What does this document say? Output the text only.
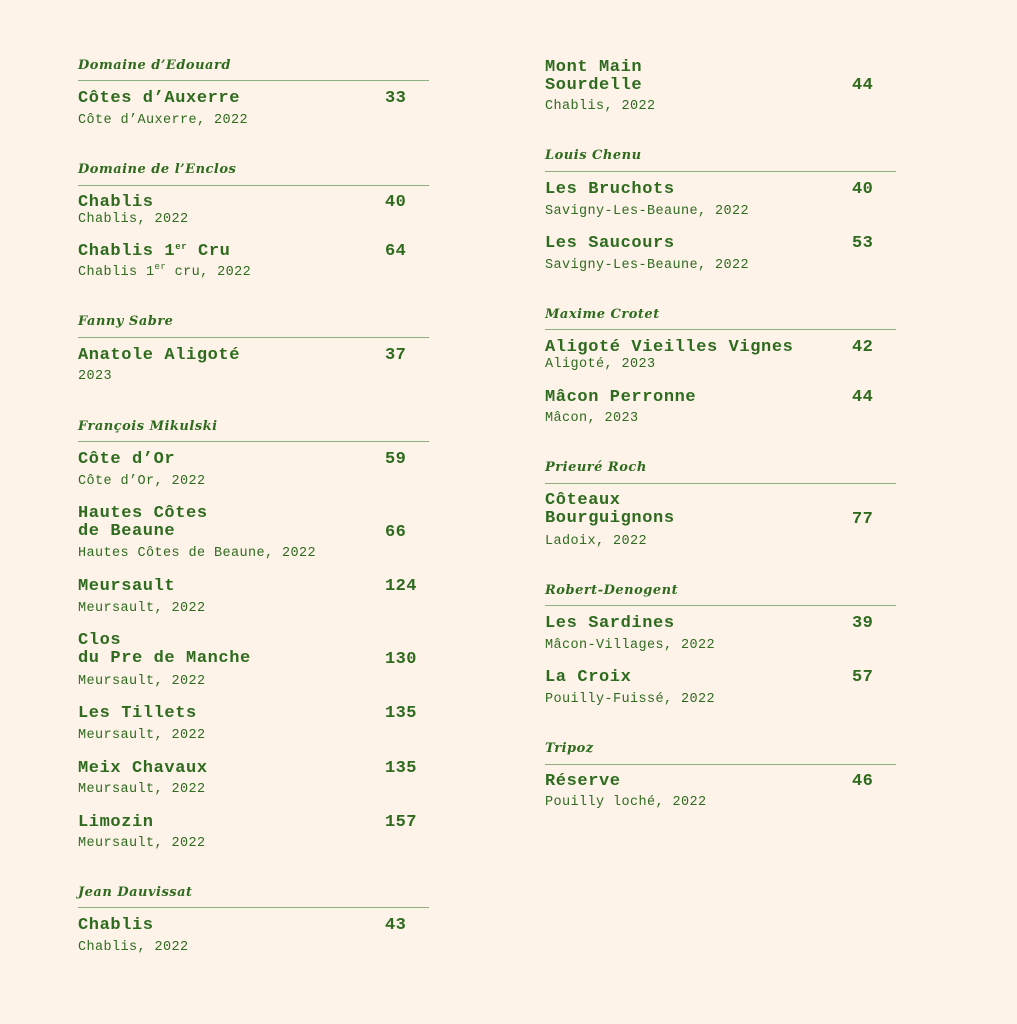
Domaine d’Edouard
Côtes d’Auxerre	33
Côte d’Auxerre, 2022
Domaine de l’Enclos
Chablis	40
Chablis, 2022
Chablis 1er Cru	64
Chablis 1er cru, 2022
Fanny Sabre
Anatole Aligoté	37
2023
François Mikulski
Côte d’Or	59
Côte d’Or, 2022
Hautes Côtes
de Beaune	66
Hautes Côtes de Beaune, 2022
Meursault	124
Meursault, 2022
Clos
du Pre de Manche	130
Meursault, 2022
Les Tillets	135
Meursault, 2022
Meix Chavaux	135
Meursault, 2022
Limozin	157
Meursault, 2022
Jean Dauvissat
Chablis	43
Chablis, 2022
Mont Main
Sourdelle	44
Chablis, 2022
Louis Chenu
Les Bruchots	40
Savigny-Les-Beaune, 2022
Les Saucours	53
Savigny-Les-Beaune, 2022
Maxime Crotet
Aligoté Vieilles Vignes	42
Aligoté, 2023
Mâcon Perronne	44
Mâcon, 2023
Prieuré Roch
Côteaux
Bourguignons	77
Ladoix, 2022
Robert-Denogent
Les Sardines	39
Mâcon-Villages, 2022
La Croix	57
Pouilly-Fuissé, 2022
Tripoz
Réserve	46
Pouilly loché, 2022
